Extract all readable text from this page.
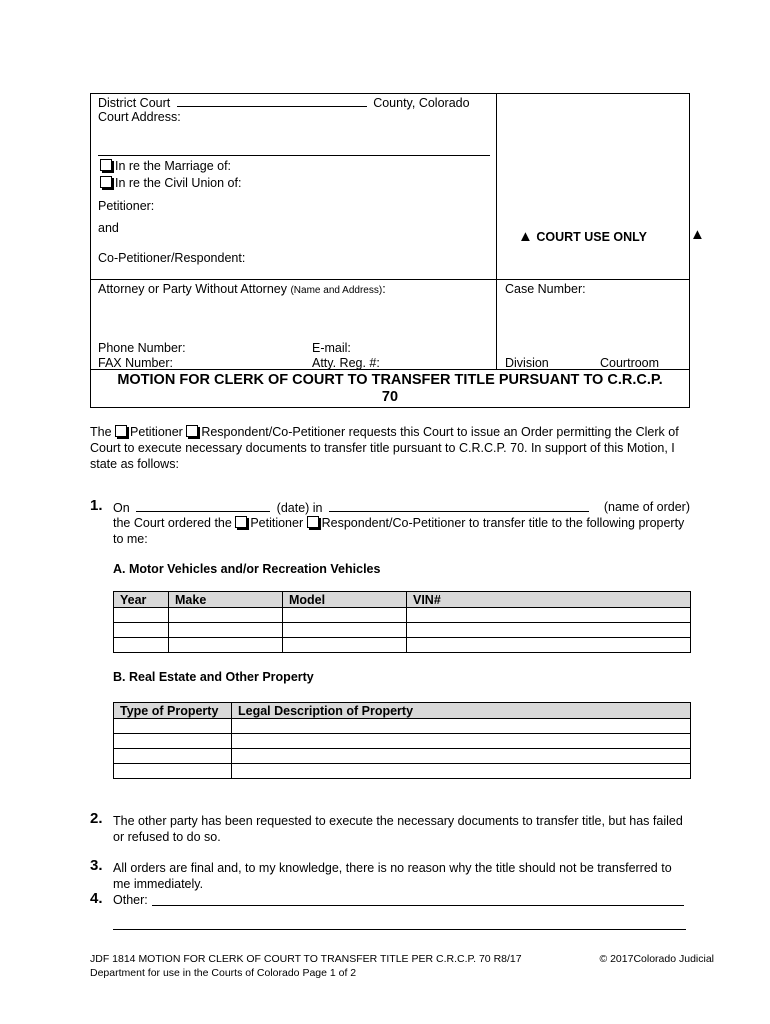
District Court	County, Colorado
Court Address:
In re the Marriage of:
In re the Civil Union of:
Petitioner:
and
Co-Petitioner/Respondent:
▲ COURT USE ONLY	▲
Attorney or Party Without Attorney (Name and Address):
Phone Number:	E-mail:
FAX Number:	Atty. Reg. #:
Case Number:
Division	Courtroom
MOTION FOR CLERK OF COURT TO TRANSFER TITLE PURSUANT TO C.R.C.P.
70
The Petitioner Respondent/Co-Petitioner requests this Court to issue an Order permitting the Clerk of
Court to execute necessary documents to transfer title pursuant to C.R.C.P. 70. In support of this Motion, I
state as follows:
1. On	(date) in	(name of order)
the Court ordered the Petitioner Respondent/Co-Petitioner to transfer title to the following property
to me:
A. Motor Vehicles and/or Recreation Vehicles
Year	Make	Model	VIN#

B. Real Estate and Other Property
Type of Property	Legal Description of Property

2. The other party has been requested to execute the necessary documents to transfer title, but has failed
or refused to do so.
3. All orders are final and, to my knowledge, there is no reason why the title should not be transferred to
me immediately.
4. Other:
JDF 1814 MOTION FOR CLERK OF COURT TO TRANSFER TITLE PER C.R.C.P. 70 R8/17	© 2017Colorado Judicial
Department for use in the Courts of Colorado Page 1 of 2
